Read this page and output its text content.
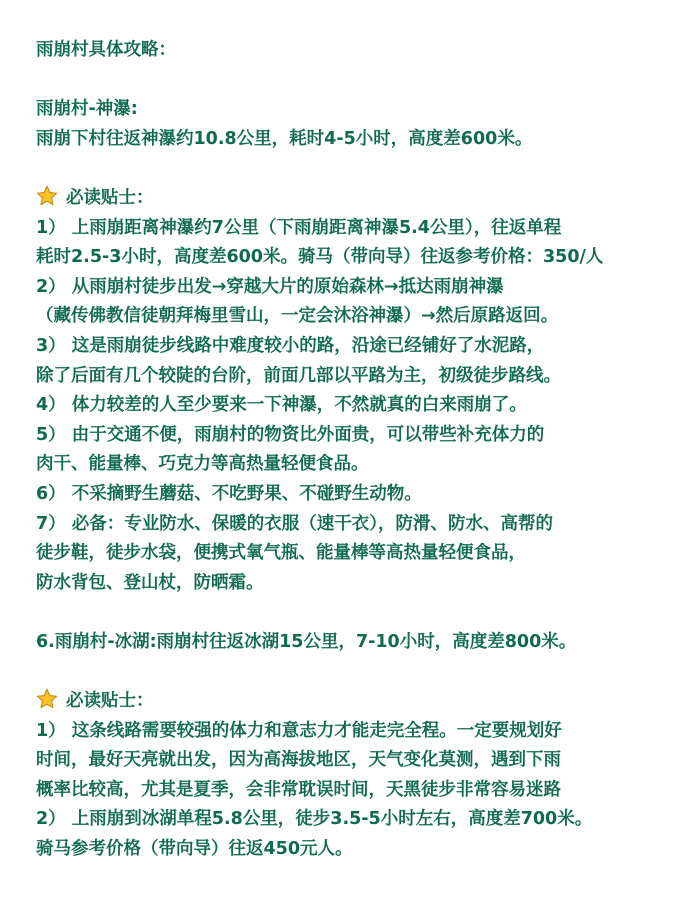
雨崩村具体攻略：
雨崩村-神瀑:
雨崩下村往返神瀑约10.8公里，耗时4-5小时，高度差600米。
必读贴士：
1） 上雨崩距离神瀑约7公里（下雨崩距离神瀑5.4公里），往返单程
耗时2.5-3小时，高度差600米。骑马（带向导）往返参考价格：350/人
2） 从雨崩村徒步出发→穿越大片的原始森林→抵达雨崩神瀑
（藏传佛教信徒朝拜梅里雪山，一定会沐浴神瀑）→然后原路返回。
3） 这是雨崩徒步线路中难度较小的路，沿途已经铺好了水泥路，
除了后面有几个较陡的台阶，前面几部以平路为主，初级徒步路线。
4） 体力较差的人至少要来一下神瀑，不然就真的白来雨崩了。
5） 由于交通不便，雨崩村的物资比外面贵，可以带些补充体力的
肉干、能量棒、巧克力等高热量轻便食品。
6） 不采摘野生蘑菇、不吃野果、不碰野生动物。
7） 必备：专业防水、保暖的衣服（速干衣），防滑、防水、高帮的
徒步鞋，徒步水袋，便携式氧气瓶、能量棒等高热量轻便食品，
防水背包、登山杖，防晒霜。
6.雨崩村-冰湖:雨崩村往返冰湖15公里，7-10小时，高度差800米。
必读贴士：
1） 这条线路需要较强的体力和意志力才能走完全程。一定要规划好
时间，最好天亮就出发，因为高海拔地区，天气变化莫测，遇到下雨
概率比较高，尤其是夏季，会非常耽误时间，天黑徒步非常容易迷路
2） 上雨崩到冰湖单程5.8公里，徒步3.5-5小时左右，高度差700米。
骑马参考价格（带向导）往返450元人。
